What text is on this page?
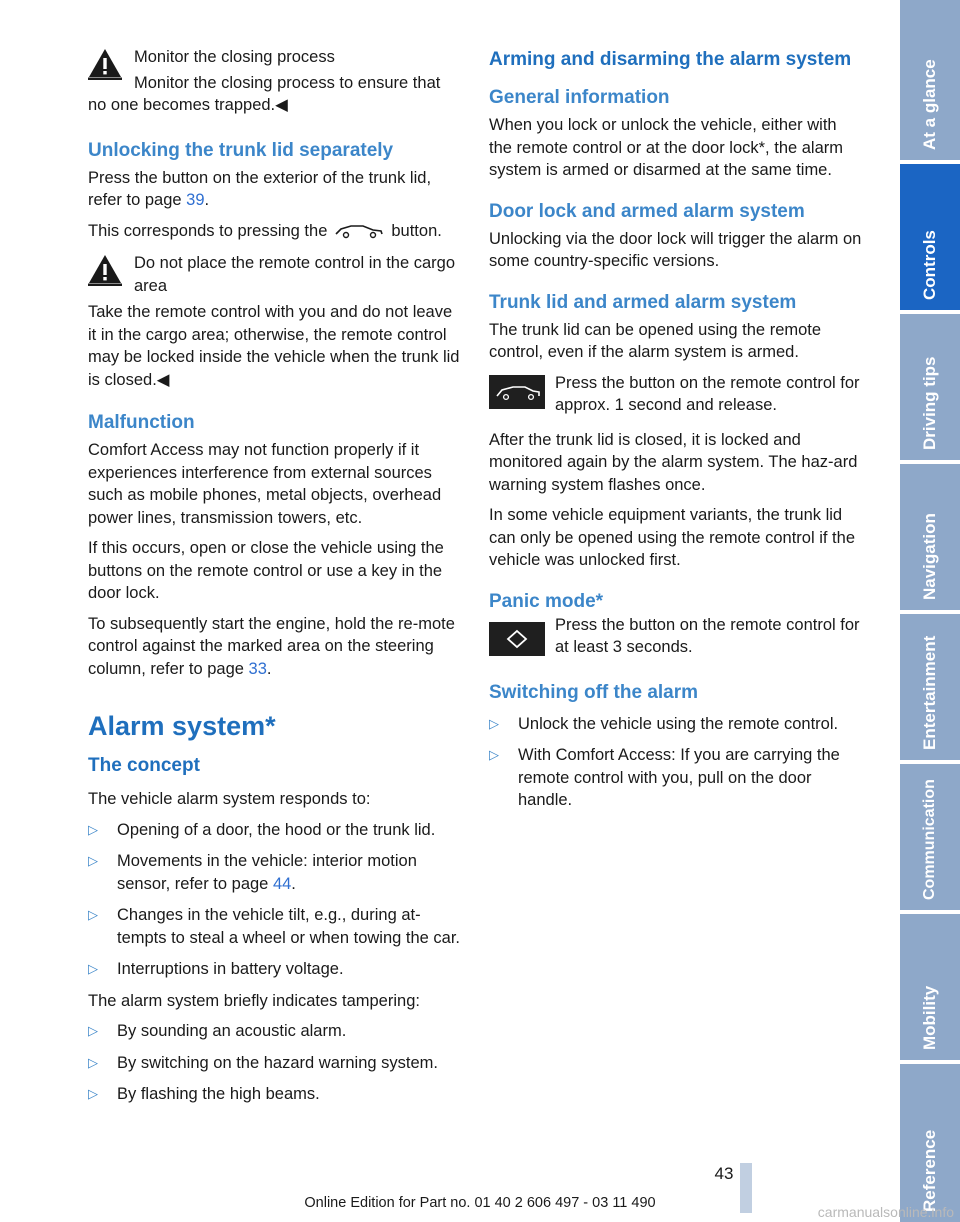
Monitor the closing process

Monitor the closing process to ensure that no one becomes trapped.◀

Unlocking the trunk lid separately

Press the button on the exterior of the trunk lid, refer to page 39.

This corresponds to pressing the	button.

Do not place the remote control in the cargo area

Take the remote control with you and do not leave it in the cargo area; otherwise, the remote control may be locked inside the vehicle when the trunk lid is closed.◀

Malfunction

Comfort Access may not function properly if it experiences interference from external sources such as mobile phones, metal objects, overhead power lines, transmission towers, etc.

If this occurs, open or close the vehicle using the buttons on the remote control or use a key in the door lock.

To subsequently start the engine, hold the re-mote control against the marked area on the steering column, refer to page 33.

Alarm system*
The concept

The vehicle alarm system responds to:

▷ Opening of a door, the hood or the trunk lid.
▷ Movements in the vehicle: interior motion sensor, refer to page 44.
▷ Changes in the vehicle tilt, e.g., during at-tempts to steal a wheel or when towing the car.
▷ Interruptions in battery voltage.

The alarm system briefly indicates tampering:

▷ By sounding an acoustic alarm.
▷ By switching on the hazard warning system.
▷ By flashing the high beams.
Arming and disarming the alarm system
General information

When you lock or unlock the vehicle, either with the remote control or at the door lock*, the alarm system is armed or disarmed at the same time.

Door lock and armed alarm system

Unlocking via the door lock will trigger the alarm on some country-specific versions.

Trunk lid and armed alarm system

The trunk lid can be opened using the remote control, even if the alarm system is armed.

Press the button on the remote control for approx. 1 second and release.

After the trunk lid is closed, it is locked and monitored again by the alarm system. The haz-ard warning system flashes once.

In some vehicle equipment variants, the trunk lid can only be opened using the remote control if the vehicle was unlocked first.

Panic mode*

Press the button on the remote control for at least 3 seconds.

Switching off the alarm
▷ Unlock the vehicle using the remote control.
▷ With Comfort Access: If you are carrying the remote control with you, pull on the door handle.
At a glance
Controls
Driving tips
Navigation
Entertainment
Communication
Mobility
Reference
43
Online Edition for Part no. 01 40 2 606 497 - 03 11 490
carmanualsonline.info
